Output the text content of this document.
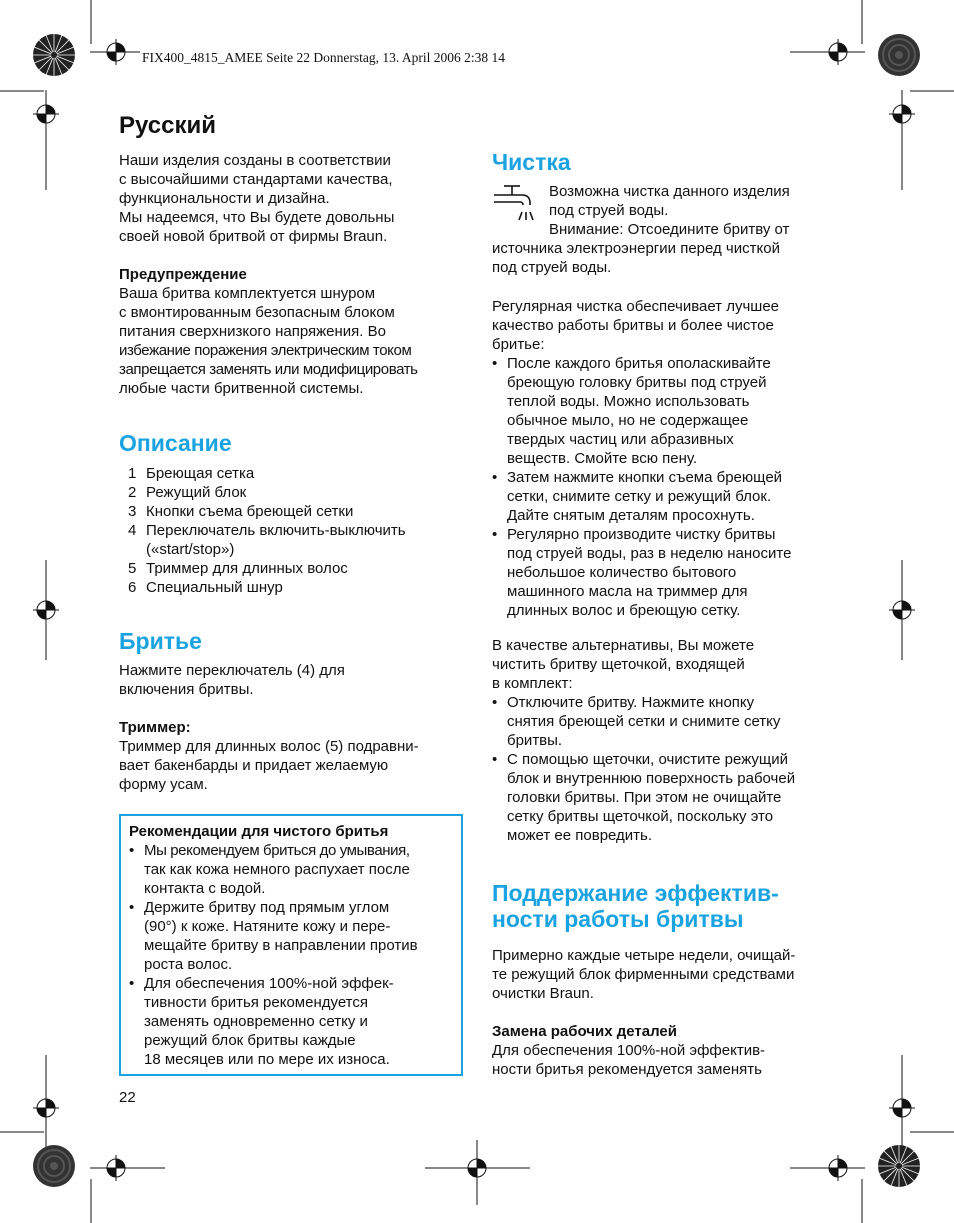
FIX400_4815_AMEE Seite 22 Donnerstag, 13. April 2006 2:38 14
Русский

Наши изделия созданы в соответствии
с высочайшими стандартами качества,
функциональности и дизайна.

Мы надеемся, что Вы будете довольны
своей новой бритвой от фирмы Braun.

Предупреждение

Ваша бритва комплектуется шнуром
с вмонтированным безопасным блоком
питания сверхнизкого напряжения. Во
избежание поражения электрическим током
запрещается заменять или модифицировать
любые части бритвенной системы.

Описание
1 Бреющая сетка
2 Режущий блок
3 Кнопки съема бреющей сетки
4 Переключатель включить-выключить
(«start/stop»)
5 Триммер для длинных волос
6 Специальный шнур
Бритье

Нажмите переключатель (4) для
включения бритвы.

Триммер:

Триммер для длинных волос (5) подравни-
вает бакенбарды и придает желаемую
форму усам.

Рекомендации для чистого бритья

• Мы рекомендуем бриться до умывания,
так как кожа немного распухает после
контакта с водой.
• Держите бритву под прямым углом
(90°) к коже. Натяните кожу и пере-
мещайте бритву в направлении против
роста волос.
• Для обеспечения 100%-ной эффек-
тивности бритья рекомендуется
заменять одновременно сетку и
режущий блок бритвы каждые
18 месяцев или по мере их износа.
22
Чистка
Возможна чистка данного изделия
под струей воды.
Внимание: Отсоедините бритву от
источника электроэнергии перед чисткой
под струей воды.

Регулярная чистка обеспечивает лучшее
качество работы бритвы и более чистое
бритье:

• После каждого бритья ополаскивайте
бреющую головку бритвы под струей
теплой воды. Можно использовать
обычное мыло, но не содержащее
твердых частиц или абразивных
веществ. Смойте всю пену.
• Затем нажмите кнопки съема бреющей
сетки, снимите сетку и режущий блок.
Дайте снятым деталям просохнуть.
• Регулярно производите чистку бритвы
под струей воды, раз в неделю наносите
небольшое количество бытового
машинного масла на триммер для
длинных волос и бреющую сетку.

В качестве альтернативы, Вы можете
чистить бритву щеточкой, входящей
в комплект:

• Отключите бритву. Нажмите кнопку
снятия бреющей сетки и снимите сетку
бритвы.
• С помощью щеточки, очистите режущий
блок и внутреннюю поверхность рабочей
головки бритвы. При этом не очищайте
сетку бритвы щеточкой, поскольку это
может ее повредить.
Поддержание эффектив-
ности работы бритвы

Примерно каждые четыре недели, очищай-
те режущий блок фирменными средствами
очистки Braun.

Замена рабочих деталей

Для обеспечения 100%-ной эффектив-
ности бритья рекомендуется заменять
